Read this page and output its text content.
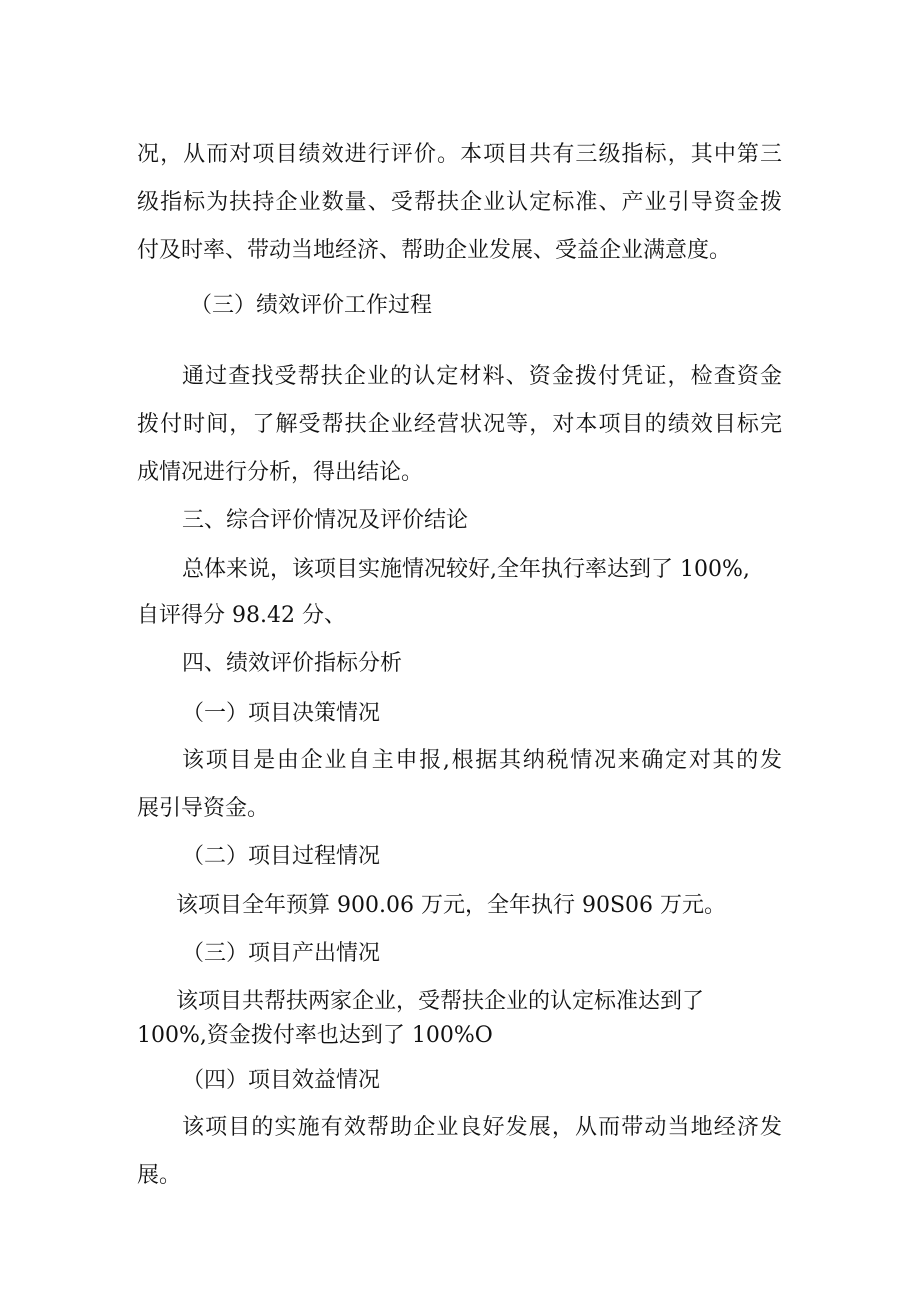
况，从而对项目绩效进行评价。本项目共有三级指标，其中第三
级指标为扶持企业数量、受帮扶企业认定标准、产业引导资金拨
付及时率、带动当地经济、帮助企业发展、受益企业满意度。
（三）绩效评价工作过程
通过查找受帮扶企业的认定材料、资金拨付凭证，检查资金
拨付时间，了解受帮扶企业经营状况等，对本项目的绩效目标完
成情况进行分析，得出结论。
三、综合评价情况及评价结论
总体来说，该项目实施情况较好,全年执行率达到了 100%,
自评得分 98.42 分、
四、绩效评价指标分析
（一）项目决策情况
该项目是由企业自主申报,根据其纳税情况来确定对其的发
展引导资金。
（二）项目过程情况
该项目全年预算 900.06 万元，全年执行 90S06 万元。
（三）项目产出情况
该项目共帮扶两家企业，受帮扶企业的认定标准达到了
100%,资金拨付率也达到了 100%O
（四）项目效益情况
该项目的实施有效帮助企业良好发展，从而带动当地经济发
展。
